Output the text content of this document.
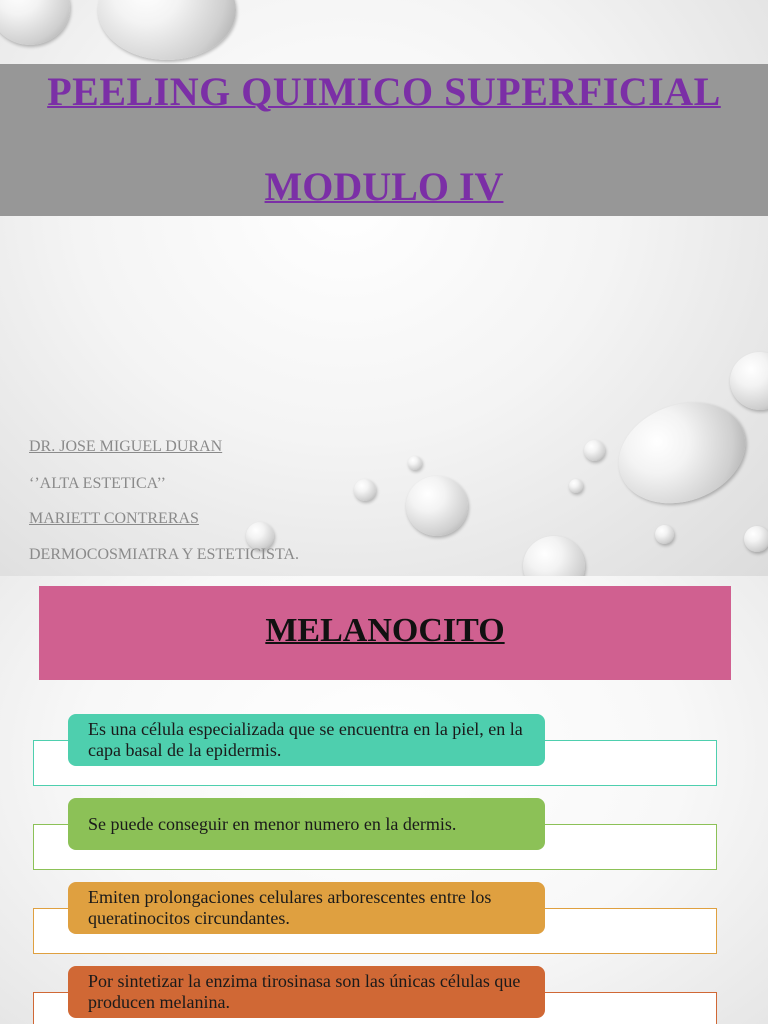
PEELING QUIMICO SUPERFICIAL
MODULO IV
DR. JOSE MIGUEL DURAN
‘’ALTA ESTETICA’’
MARIETT CONTRERAS
DERMOCOSMIATRA Y ESTETICISTA.
MELANOCITO
Es una célula especializada que se encuentra en la piel, en la capa basal de la epidermis.
Se puede conseguir en menor numero en la dermis.
Emiten prolongaciones celulares arborescentes entre los queratinocitos circundantes.
Por sintetizar la enzima tirosinasa son las únicas células que producen melanina.
